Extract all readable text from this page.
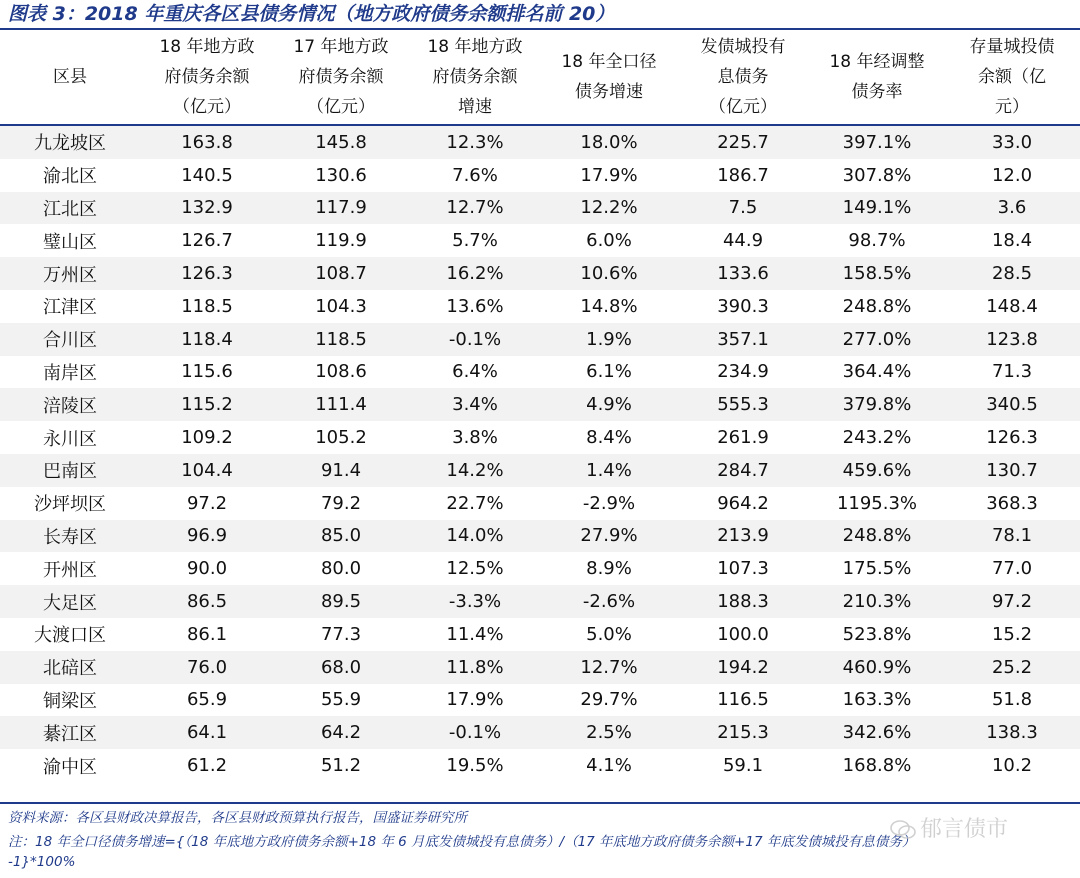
图表 3：2018 年重庆各区县债务情况（地方政府债务余额排名前 20）
区县	18 年地方政
府债务余额
（亿元）	17 年地方政
府债务余额
（亿元）	18 年地方政
府债务余额
增速	18 年全口径
债务增速	发债城投有
息债务
（亿元）	18 年经调整
债务率	存量城投债
余额（亿
元）
九龙坡区	163.8	145.8	12.3%	18.0%	225.7	397.1%	33.0
渝北区	140.5	130.6	7.6%	17.9%	186.7	307.8%	12.0
江北区	132.9	117.9	12.7%	12.2%	7.5	149.1%	3.6
璧山区	126.7	119.9	5.7%	6.0%	44.9	98.7%	18.4
万州区	126.3	108.7	16.2%	10.6%	133.6	158.5%	28.5
江津区	118.5	104.3	13.6%	14.8%	390.3	248.8%	148.4
合川区	118.4	118.5	-0.1%	1.9%	357.1	277.0%	123.8
南岸区	115.6	108.6	6.4%	6.1%	234.9	364.4%	71.3
涪陵区	115.2	111.4	3.4%	4.9%	555.3	379.8%	340.5
永川区	109.2	105.2	3.8%	8.4%	261.9	243.2%	126.3
巴南区	104.4	91.4	14.2%	1.4%	284.7	459.6%	130.7
沙坪坝区	97.2	79.2	22.7%	-2.9%	964.2	1195.3%	368.3
长寿区	96.9	85.0	14.0%	27.9%	213.9	248.8%	78.1
开州区	90.0	80.0	12.5%	8.9%	107.3	175.5%	77.0
大足区	86.5	89.5	-3.3%	-2.6%	188.3	210.3%	97.2
大渡口区	86.1	77.3	11.4%	5.0%	100.0	523.8%	15.2
北碚区	76.0	68.0	11.8%	12.7%	194.2	460.9%	25.2
铜梁区	65.9	55.9	17.9%	29.7%	116.5	163.3%	51.8
綦江区	64.1	64.2	-0.1%	2.5%	215.3	342.6%	138.3
渝中区	61.2	51.2	19.5%	4.1%	59.1	168.8%	10.2
资料来源：各区县财政决算报告，各区县财政预算执行报告，国盛证券研究所
注：18 年全口径债务增速={（18 年底地方政府债务余额+18 年 6 月底发债城投有息债务）/（17 年底地方政府债务余额+17 年底发债城投有息债务）
-1}*100%
郁言债市
